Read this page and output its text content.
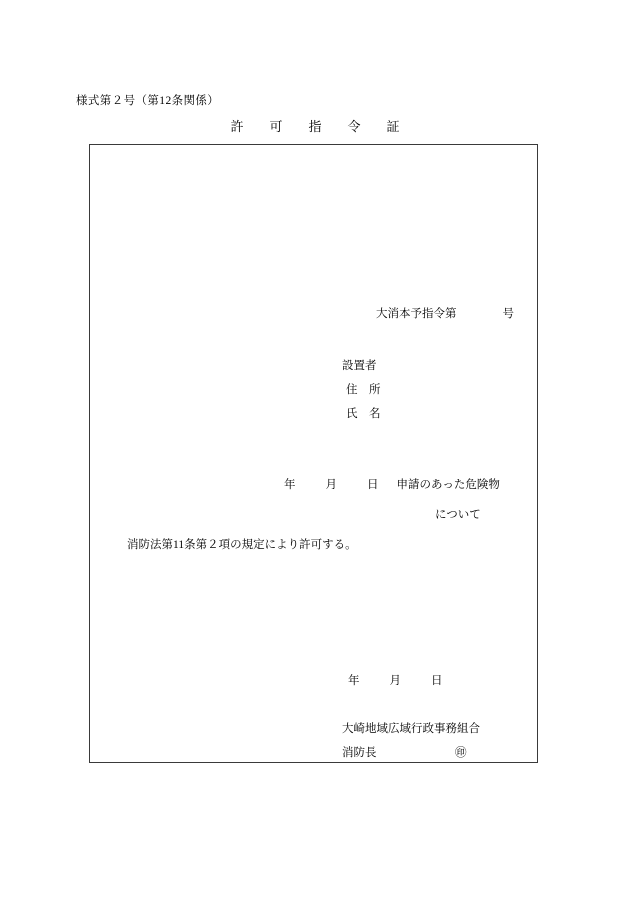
様式第２号（第12条関係）
許 可 指 令 証
大消本予指令第	号
設置者
住　所
氏　名
年	月	日 申請のあった危険物
について
消防法第11条第２項の規定により許可する。
年	月	日
大崎地域広域行政事務組合
消防長	㊞
